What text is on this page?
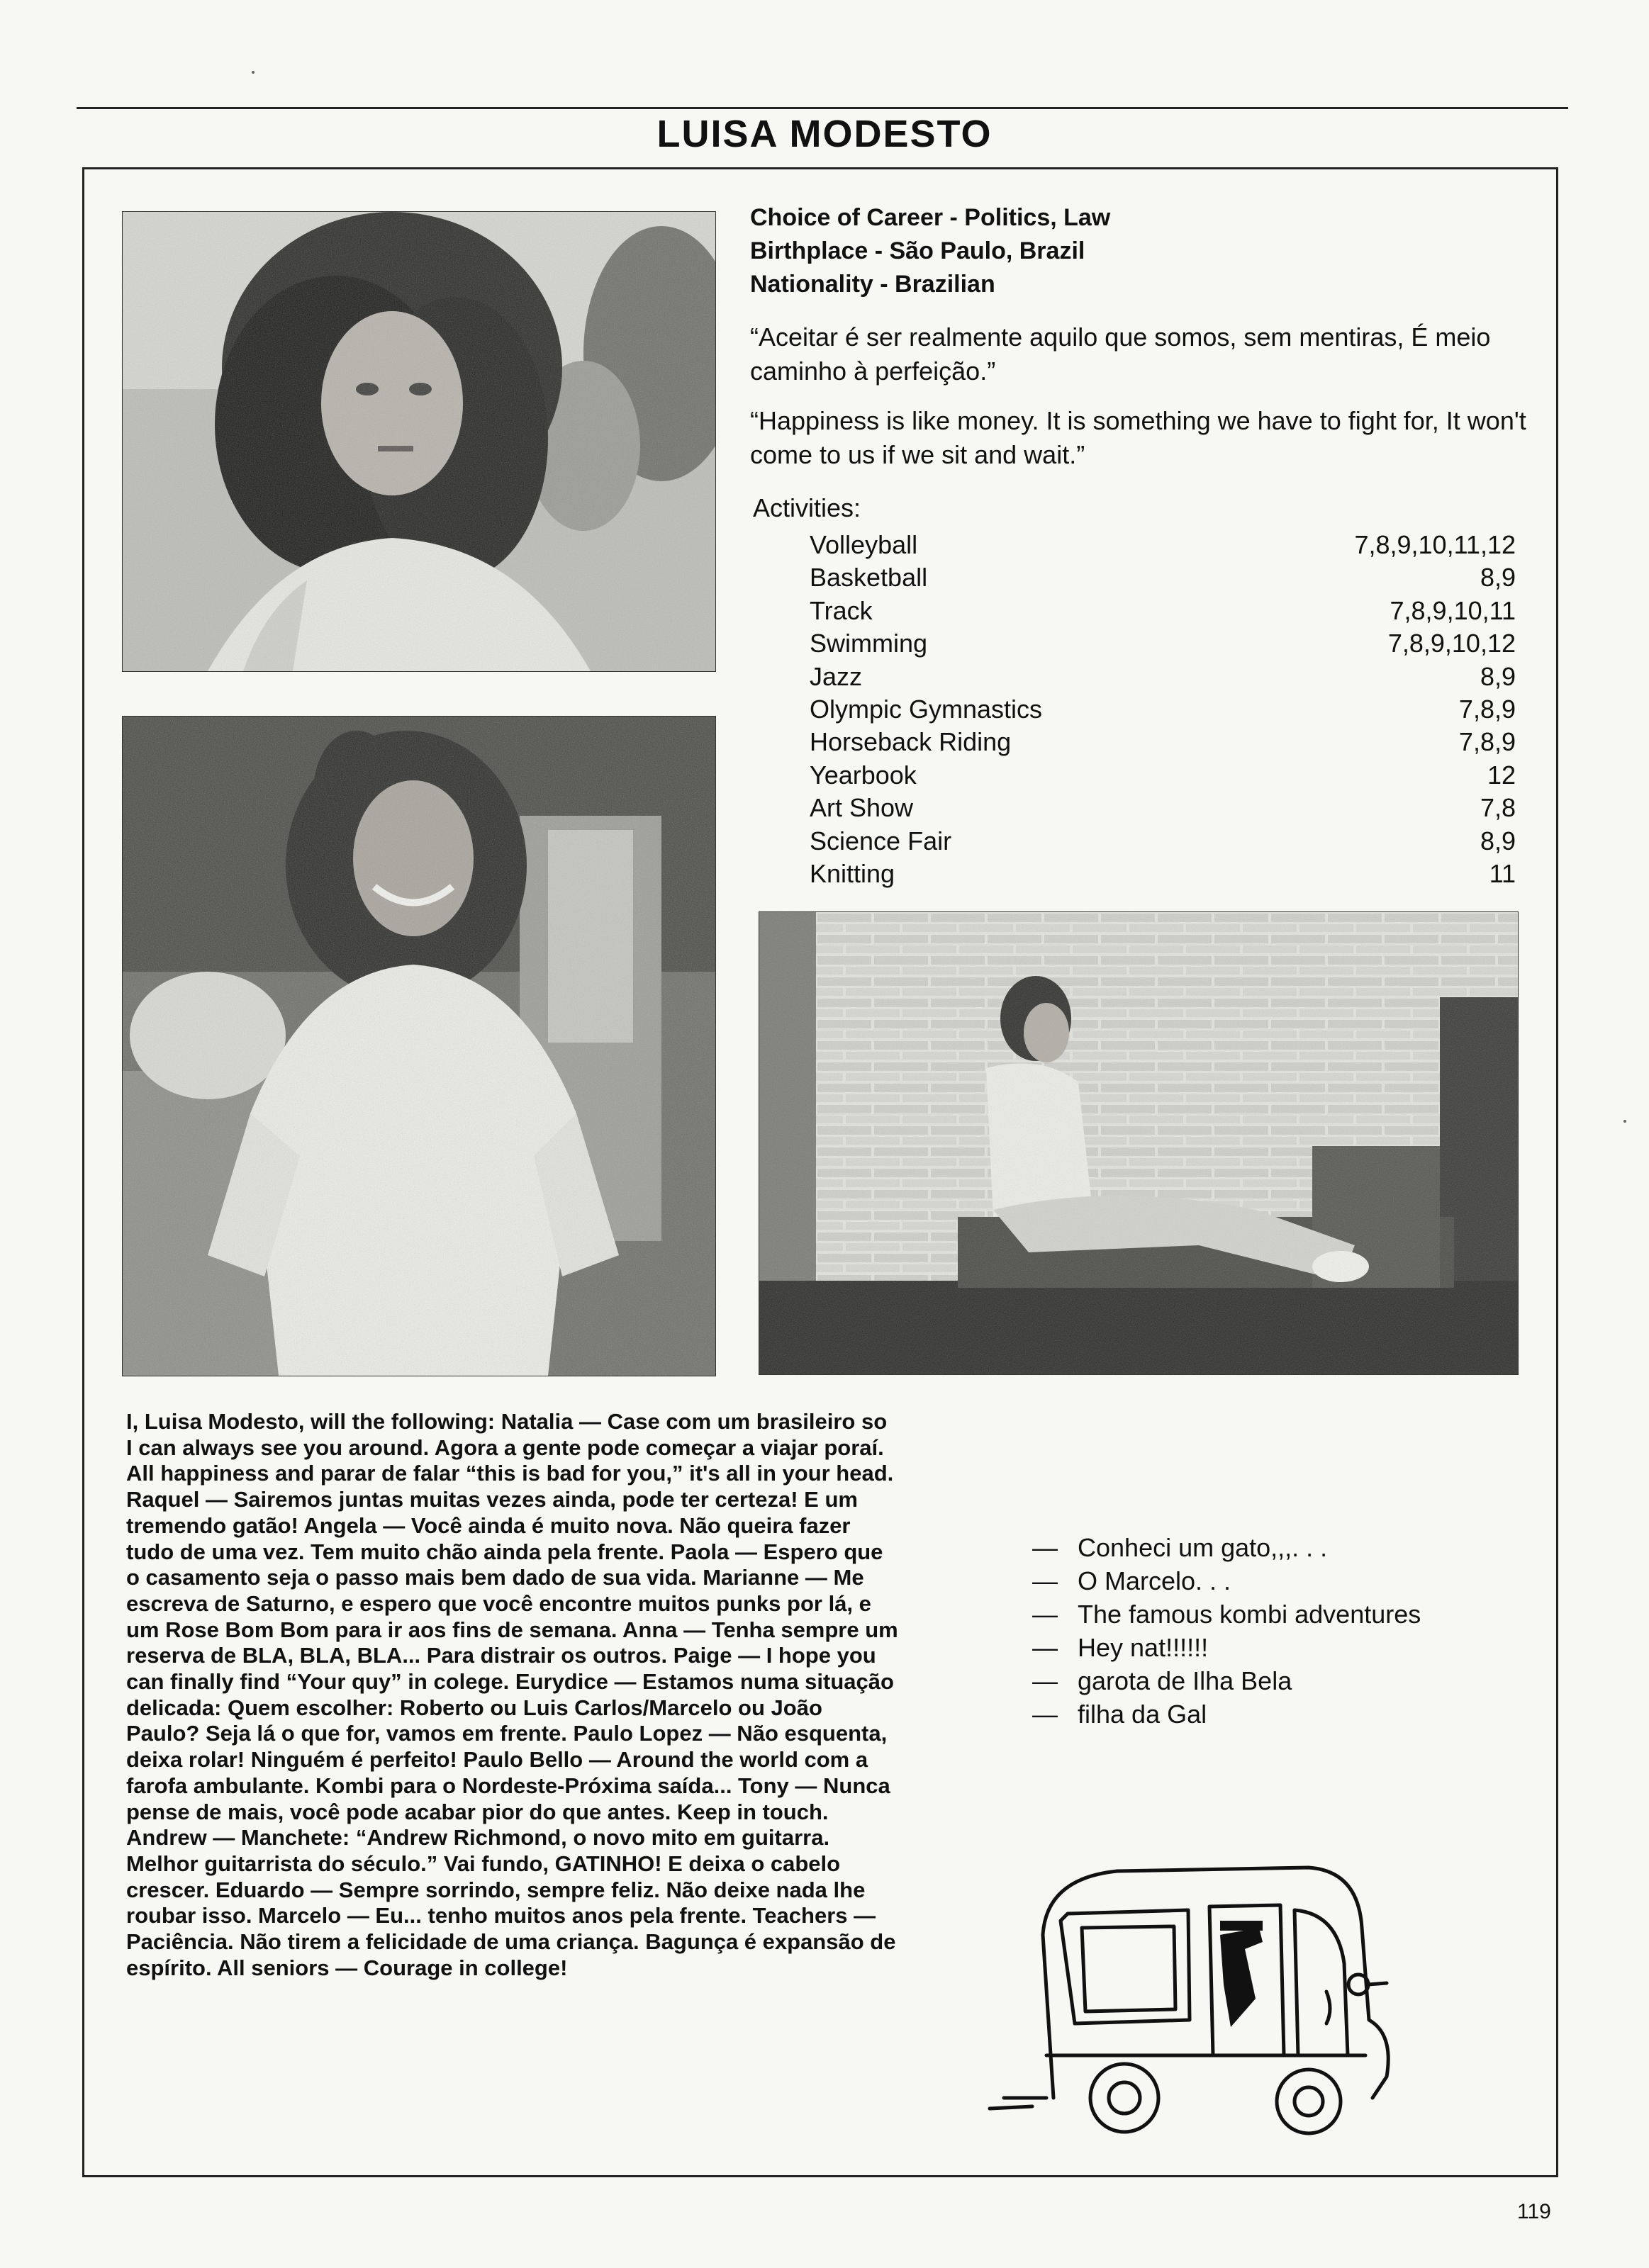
LUISA MODESTO
Choice of Career - Politics, Law
Birthplace - São Paulo, Brazil
Nationality - Brazilian
“Aceitar é ser realmente aquilo que somos, sem mentiras, É meio caminho à perfeição.”
“Happiness is like money. It is something we have to fight for, It won't come to us if we sit and wait.”
Activities:
Volleyball	7,8,9,10,11,12
Basketball	8,9
Track	7,8,9,10,11
Swimming	7,8,9,10,12
Jazz	8,9
Olympic Gymnastics	7,8,9
Horseback Riding	7,8,9
Yearbook	12
Art Show	7,8
Science Fair	8,9
Knitting	11
I, Luisa Modesto, will the following: Natalia — Case com um brasileiro so I can always see you around. Agora a gente pode começar a viajar poraí. All happiness and parar de falar “this is bad for you,” it's all in your head. Raquel — Sairemos juntas muitas vezes ainda, pode ter certeza! E um tremendo gatão! Angela — Você ainda é muito nova. Não queira fazer tudo de uma vez. Tem muito chão ainda pela frente. Paola — Espero que o casamento seja o passo mais bem dado de sua vida. Marianne — Me escreva de Saturno, e espero que você encontre muitos punks por lá, e um Rose Bom Bom para ir aos fins de semana. Anna — Tenha sempre um reserva de BLA, BLA, BLA... Para distrair os outros. Paige — I hope you can finally find “Your quy” in colege. Eurydice — Estamos numa situação delicada: Quem escolher: Roberto ou Luis Carlos/Marcelo ou João Paulo? Seja lá o que for, vamos em frente. Paulo Lopez — Não esquenta, deixa rolar! Ninguém é perfeito! Paulo Bello — Around the world com a farofa ambulante. Kombi para o Nordeste-Próxima saída... Tony — Nunca pense de mais, você pode acabar pior do que antes. Keep in touch. Andrew — Manchete: “Andrew Richmond, o novo mito em guitarra. Melhor guitarrista do século.” Vai fundo, GATINHO! E deixa o cabelo crescer. Eduardo — Sempre sorrindo, sempre feliz. Não deixe nada lhe roubar isso. Marcelo — Eu... tenho muitos anos pela frente. Teachers — Paciência. Não tirem a felicidade de uma criança. Bagunça é expansão de espírito. All seniors — Courage in college!
— Conheci um gato,,,. . .
— O Marcelo. . .
— The famous kombi adventures
— Hey nat!!!!!!
— garota de Ilha Bela
— filha da Gal
119
